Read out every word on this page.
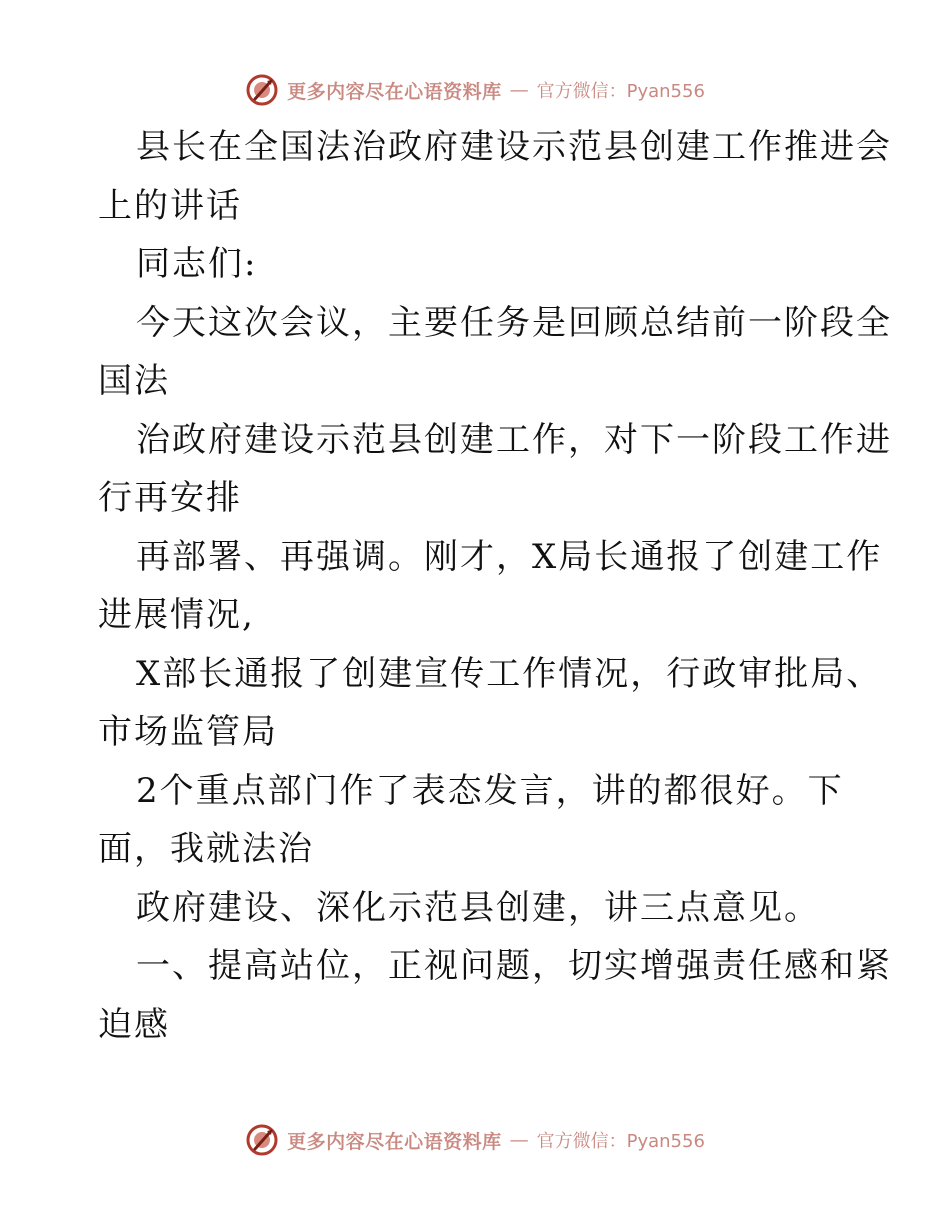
更多内容尽在心语资料库 — 官方微信：Pyan556

县长在全国法治政府建设示范县创建工作推进会

上的讲话

同志们:

今天这次会议，主要任务是回顾总结前一阶段全

国法

治政府建设示范县创建工作，对下一阶段工作进

行再安排

再部署、再强调。刚才，X局长通报了创建工作

进展情况,

X部长通报了创建宣传工作情况，行政审批局、

市场监管局

2个重点部门作了表态发言，讲的都很好。下

面，我就法治

政府建设、深化示范县创建，讲三点意见。

一、提高站位，正视问题，切实增强责任感和紧

迫感

更多内容尽在心语资料库 — 官方微信：Pyan556
